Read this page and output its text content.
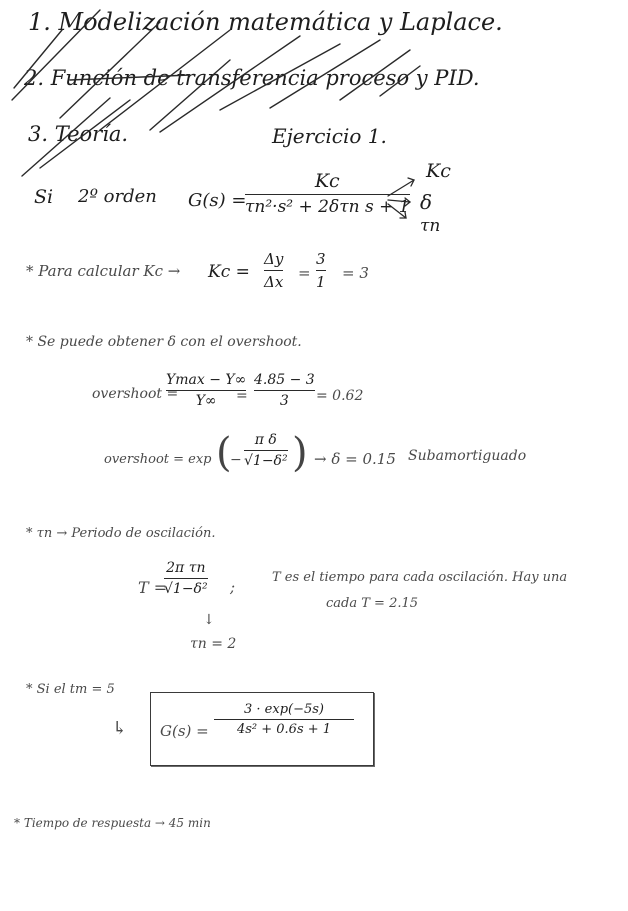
1. Modelización matemática y Laplace.
2. Función de transferencia proceso y PID.
3. Teoría.	Ejercicio 1.
Si 2º orden G(s) =
Kc
τn²·s² + 2δτn s + 1
Kc
δ
τn
* Para calcular Kc → Kc =
Δy
Δx =
3
1 = 3
* Se puede obtener δ con el overshoot.
overshoot =
Ymax − Y∞
Y∞ =
4.85 − 3
3 = 0.62
overshoot = exp (
−
π δ
√1−δ² ) → δ = 0.15 Subamortiguado
* τn → Periodo de oscilación.
T =
2π τn
√1−δ² ;
T es el tiempo para cada oscilación. Hay una
cada T = 2.15
↓
τn = 2
* Si el tm = 5
↳ G(s) =
3 · exp(−5s)
4s² + 0.6s + 1
* Tiempo de respuesta → 45 min
